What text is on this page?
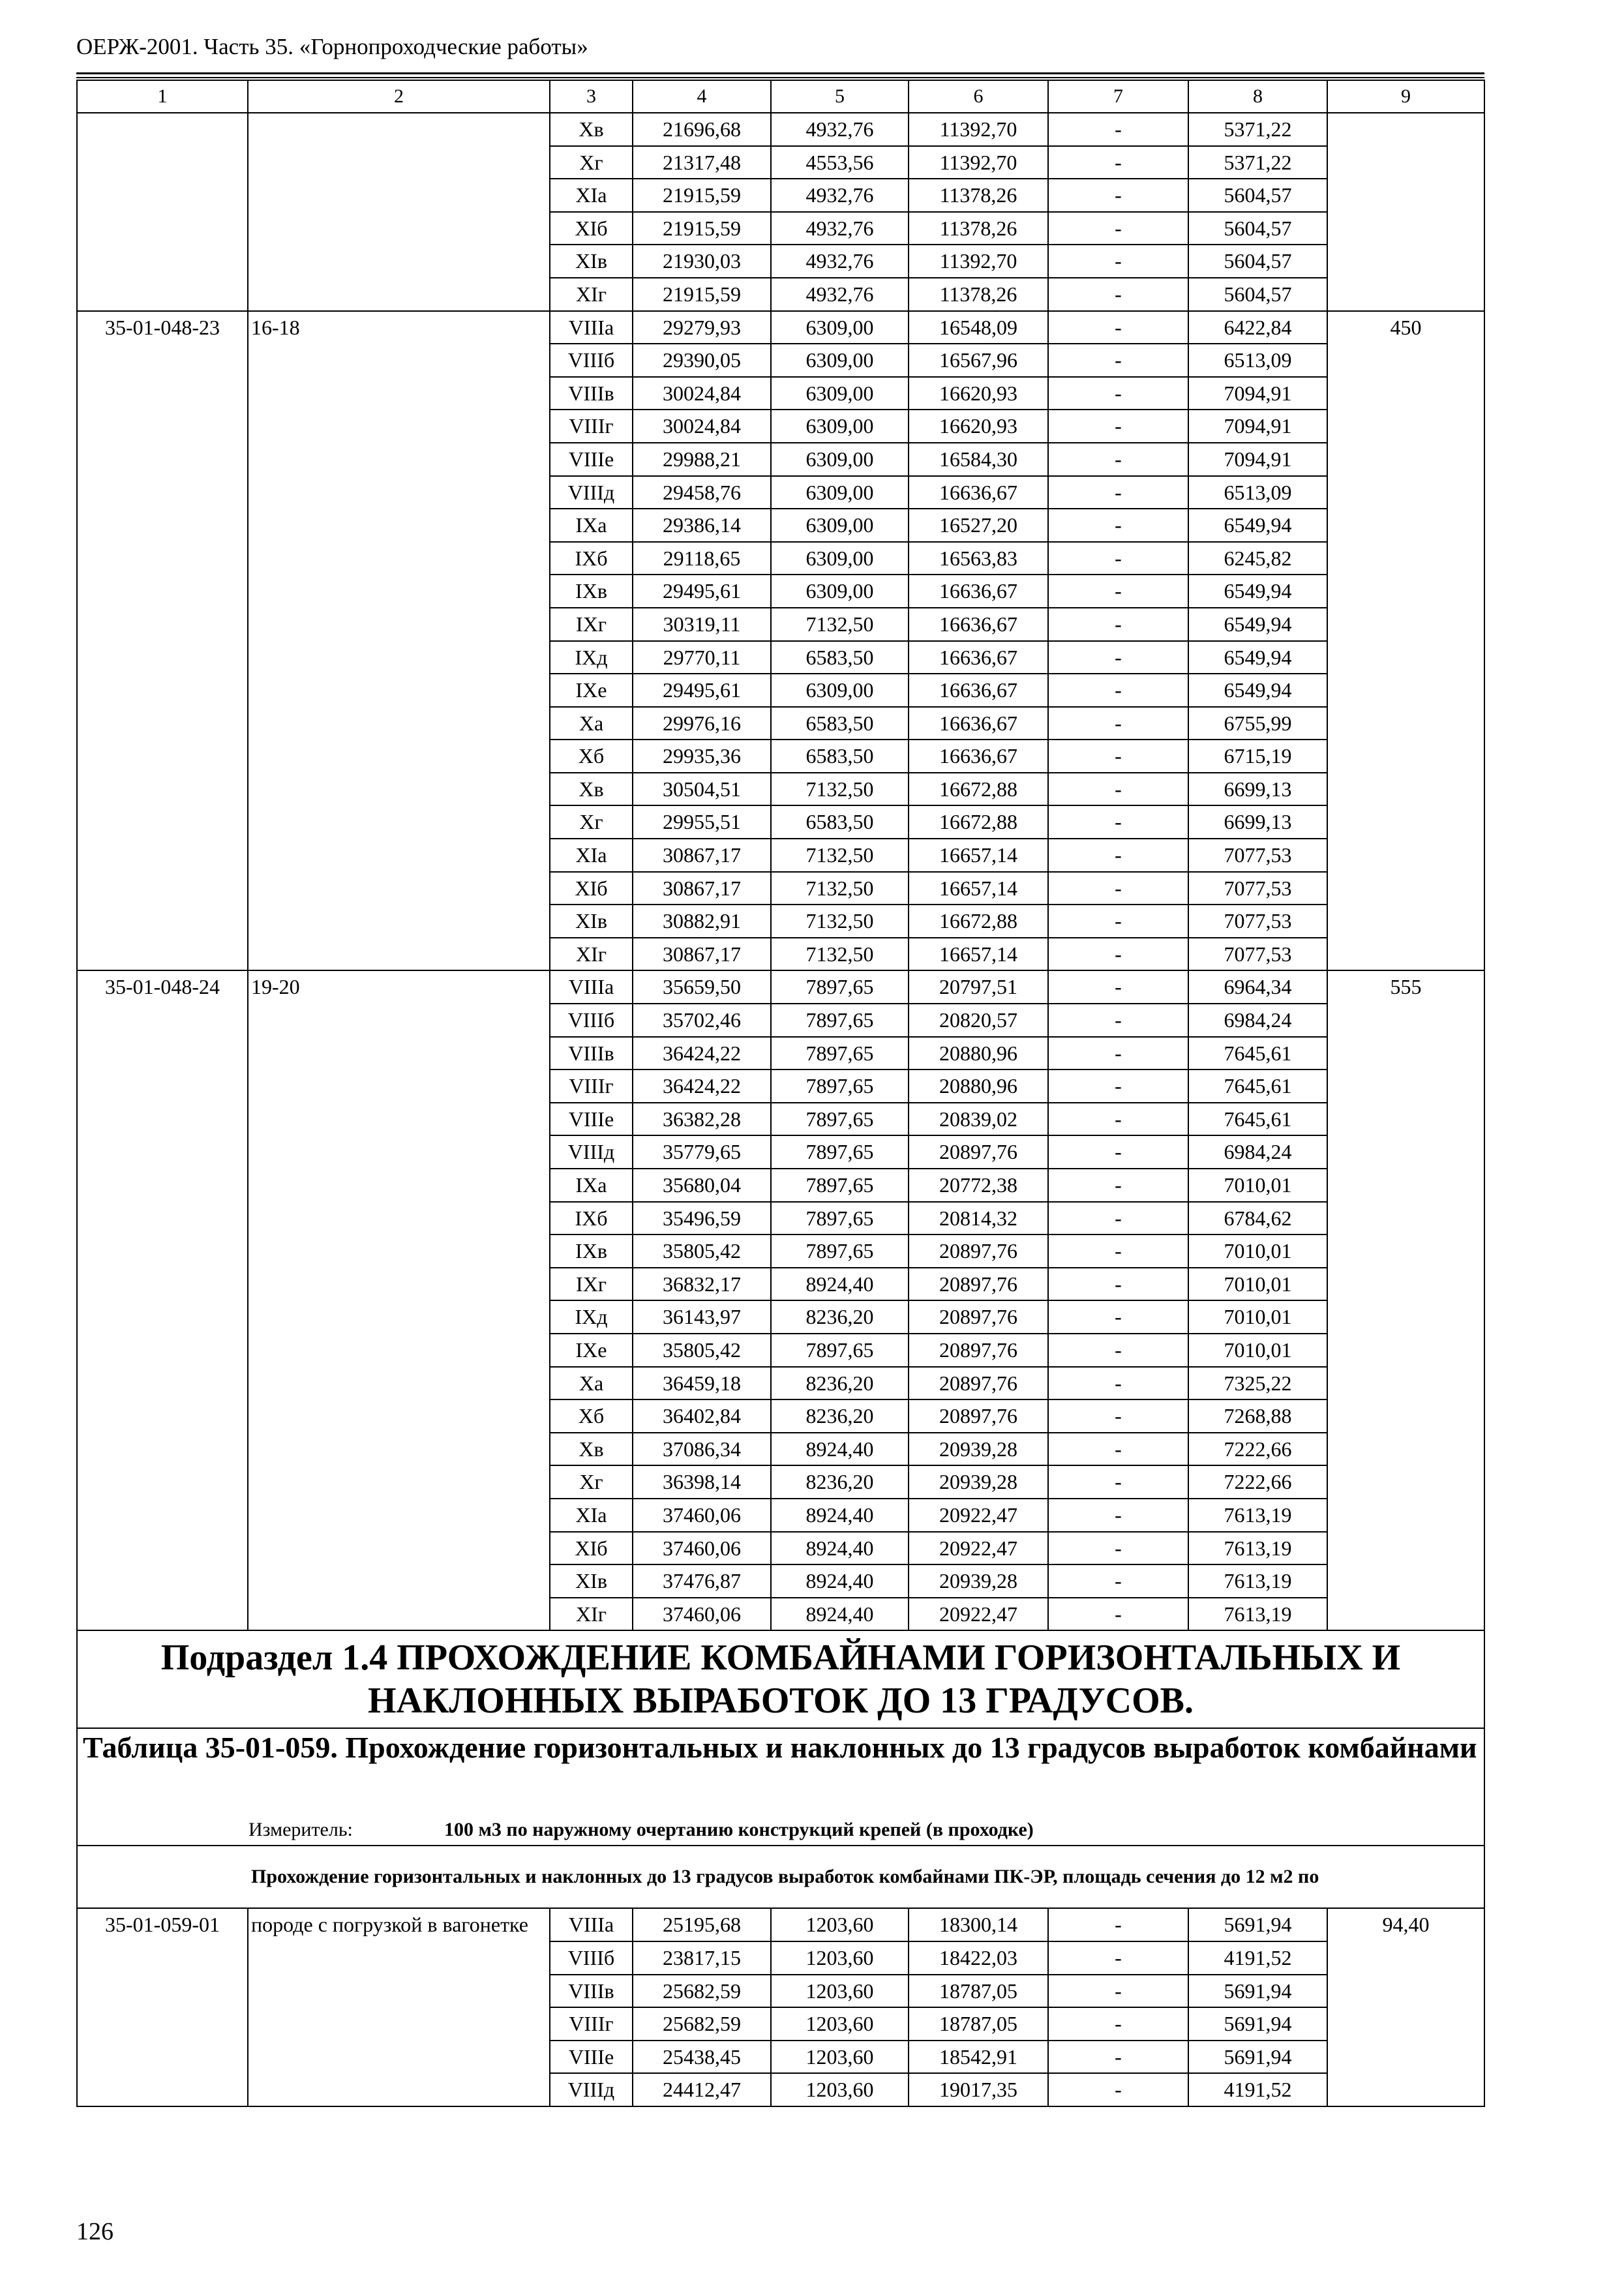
ОЕРЖ-2001. Часть 35. «Горнопроходческие работы»
1	2	3	4	5	6	7	8	9
		Xв	21696,68	4932,76	11392,70	-	5371,22	
		Xг	21317,48	4553,56	11392,70	-	5371,22	
		XIа	21915,59	4932,76	11378,26	-	5604,57	
		XIб	21915,59	4932,76	11378,26	-	5604,57	
		XIв	21930,03	4932,76	11392,70	-	5604,57	
		XIг	21915,59	4932,76	11378,26	-	5604,57	
35-01-048-23	16-18	VIIIа	29279,93	6309,00	16548,09	-	6422,84	450
		VIIIб	29390,05	6309,00	16567,96	-	6513,09	
		VIIIв	30024,84	6309,00	16620,93	-	7094,91	
		VIIIг	30024,84	6309,00	16620,93	-	7094,91	
		VIIIе	29988,21	6309,00	16584,30	-	7094,91	
		VIIIд	29458,76	6309,00	16636,67	-	6513,09	
		IXа	29386,14	6309,00	16527,20	-	6549,94	
		IXб	29118,65	6309,00	16563,83	-	6245,82	
		IXв	29495,61	6309,00	16636,67	-	6549,94	
		IXг	30319,11	7132,50	16636,67	-	6549,94	
		IXд	29770,11	6583,50	16636,67	-	6549,94	
		IXе	29495,61	6309,00	16636,67	-	6549,94	
		Xа	29976,16	6583,50	16636,67	-	6755,99	
		Xб	29935,36	6583,50	16636,67	-	6715,19	
		Xв	30504,51	7132,50	16672,88	-	6699,13	
		Xг	29955,51	6583,50	16672,88	-	6699,13	
		XIа	30867,17	7132,50	16657,14	-	7077,53	
		XIб	30867,17	7132,50	16657,14	-	7077,53	
		XIв	30882,91	7132,50	16672,88	-	7077,53	
		XIг	30867,17	7132,50	16657,14	-	7077,53	
35-01-048-24	19-20	VIIIа	35659,50	7897,65	20797,51	-	6964,34	555
		VIIIб	35702,46	7897,65	20820,57	-	6984,24	
		VIIIв	36424,22	7897,65	20880,96	-	7645,61	
		VIIIг	36424,22	7897,65	20880,96	-	7645,61	
		VIIIе	36382,28	7897,65	20839,02	-	7645,61	
		VIIIд	35779,65	7897,65	20897,76	-	6984,24	
		IXа	35680,04	7897,65	20772,38	-	7010,01	
		IXб	35496,59	7897,65	20814,32	-	6784,62	
		IXв	35805,42	7897,65	20897,76	-	7010,01	
		IXг	36832,17	8924,40	20897,76	-	7010,01	
		IXд	36143,97	8236,20	20897,76	-	7010,01	
		IXе	35805,42	7897,65	20897,76	-	7010,01	
		Xа	36459,18	8236,20	20897,76	-	7325,22	
		Xб	36402,84	8236,20	20897,76	-	7268,88	
		Xв	37086,34	8924,40	20939,28	-	7222,66	
		Xг	36398,14	8236,20	20939,28	-	7222,66	
		XIа	37460,06	8924,40	20922,47	-	7613,19	
		XIб	37460,06	8924,40	20922,47	-	7613,19	
		XIв	37476,87	8924,40	20939,28	-	7613,19	
		XIг	37460,06	8924,40	20922,47	-	7613,19	
Подраздел 1.4 ПРОХОЖДЕНИЕ КОМБАЙНАМИ ГОРИЗОНТАЛЬНЫХ И НАКЛОННЫХ ВЫРАБОТОК ДО 13 ГРАДУСОВ.								

Таблица 35-01-059. Прохождение горизонтальных и наклонных до 13 градусов выработок комбайнами
Измеритель: 100 м3 по наружному очертанию конструкций крепей (в проходке)								

Прохождение горизонтальных и наклонных до 13 градусов выработок комбайнами ПК-ЭР, площадь сечения до 12 м2 по								
35-01-059-01	породе с погрузкой в вагонетке	VIIIа	25195,68	1203,60	18300,14	-	5691,94	94,40
		VIIIб	23817,15	1203,60	18422,03	-	4191,52	
		VIIIв	25682,59	1203,60	18787,05	-	5691,94	
		VIIIг	25682,59	1203,60	18787,05	-	5691,94	
		VIIIе	25438,45	1203,60	18542,91	-	5691,94	
		VIIIд	24412,47	1203,60	19017,35	-	4191,52	
126
